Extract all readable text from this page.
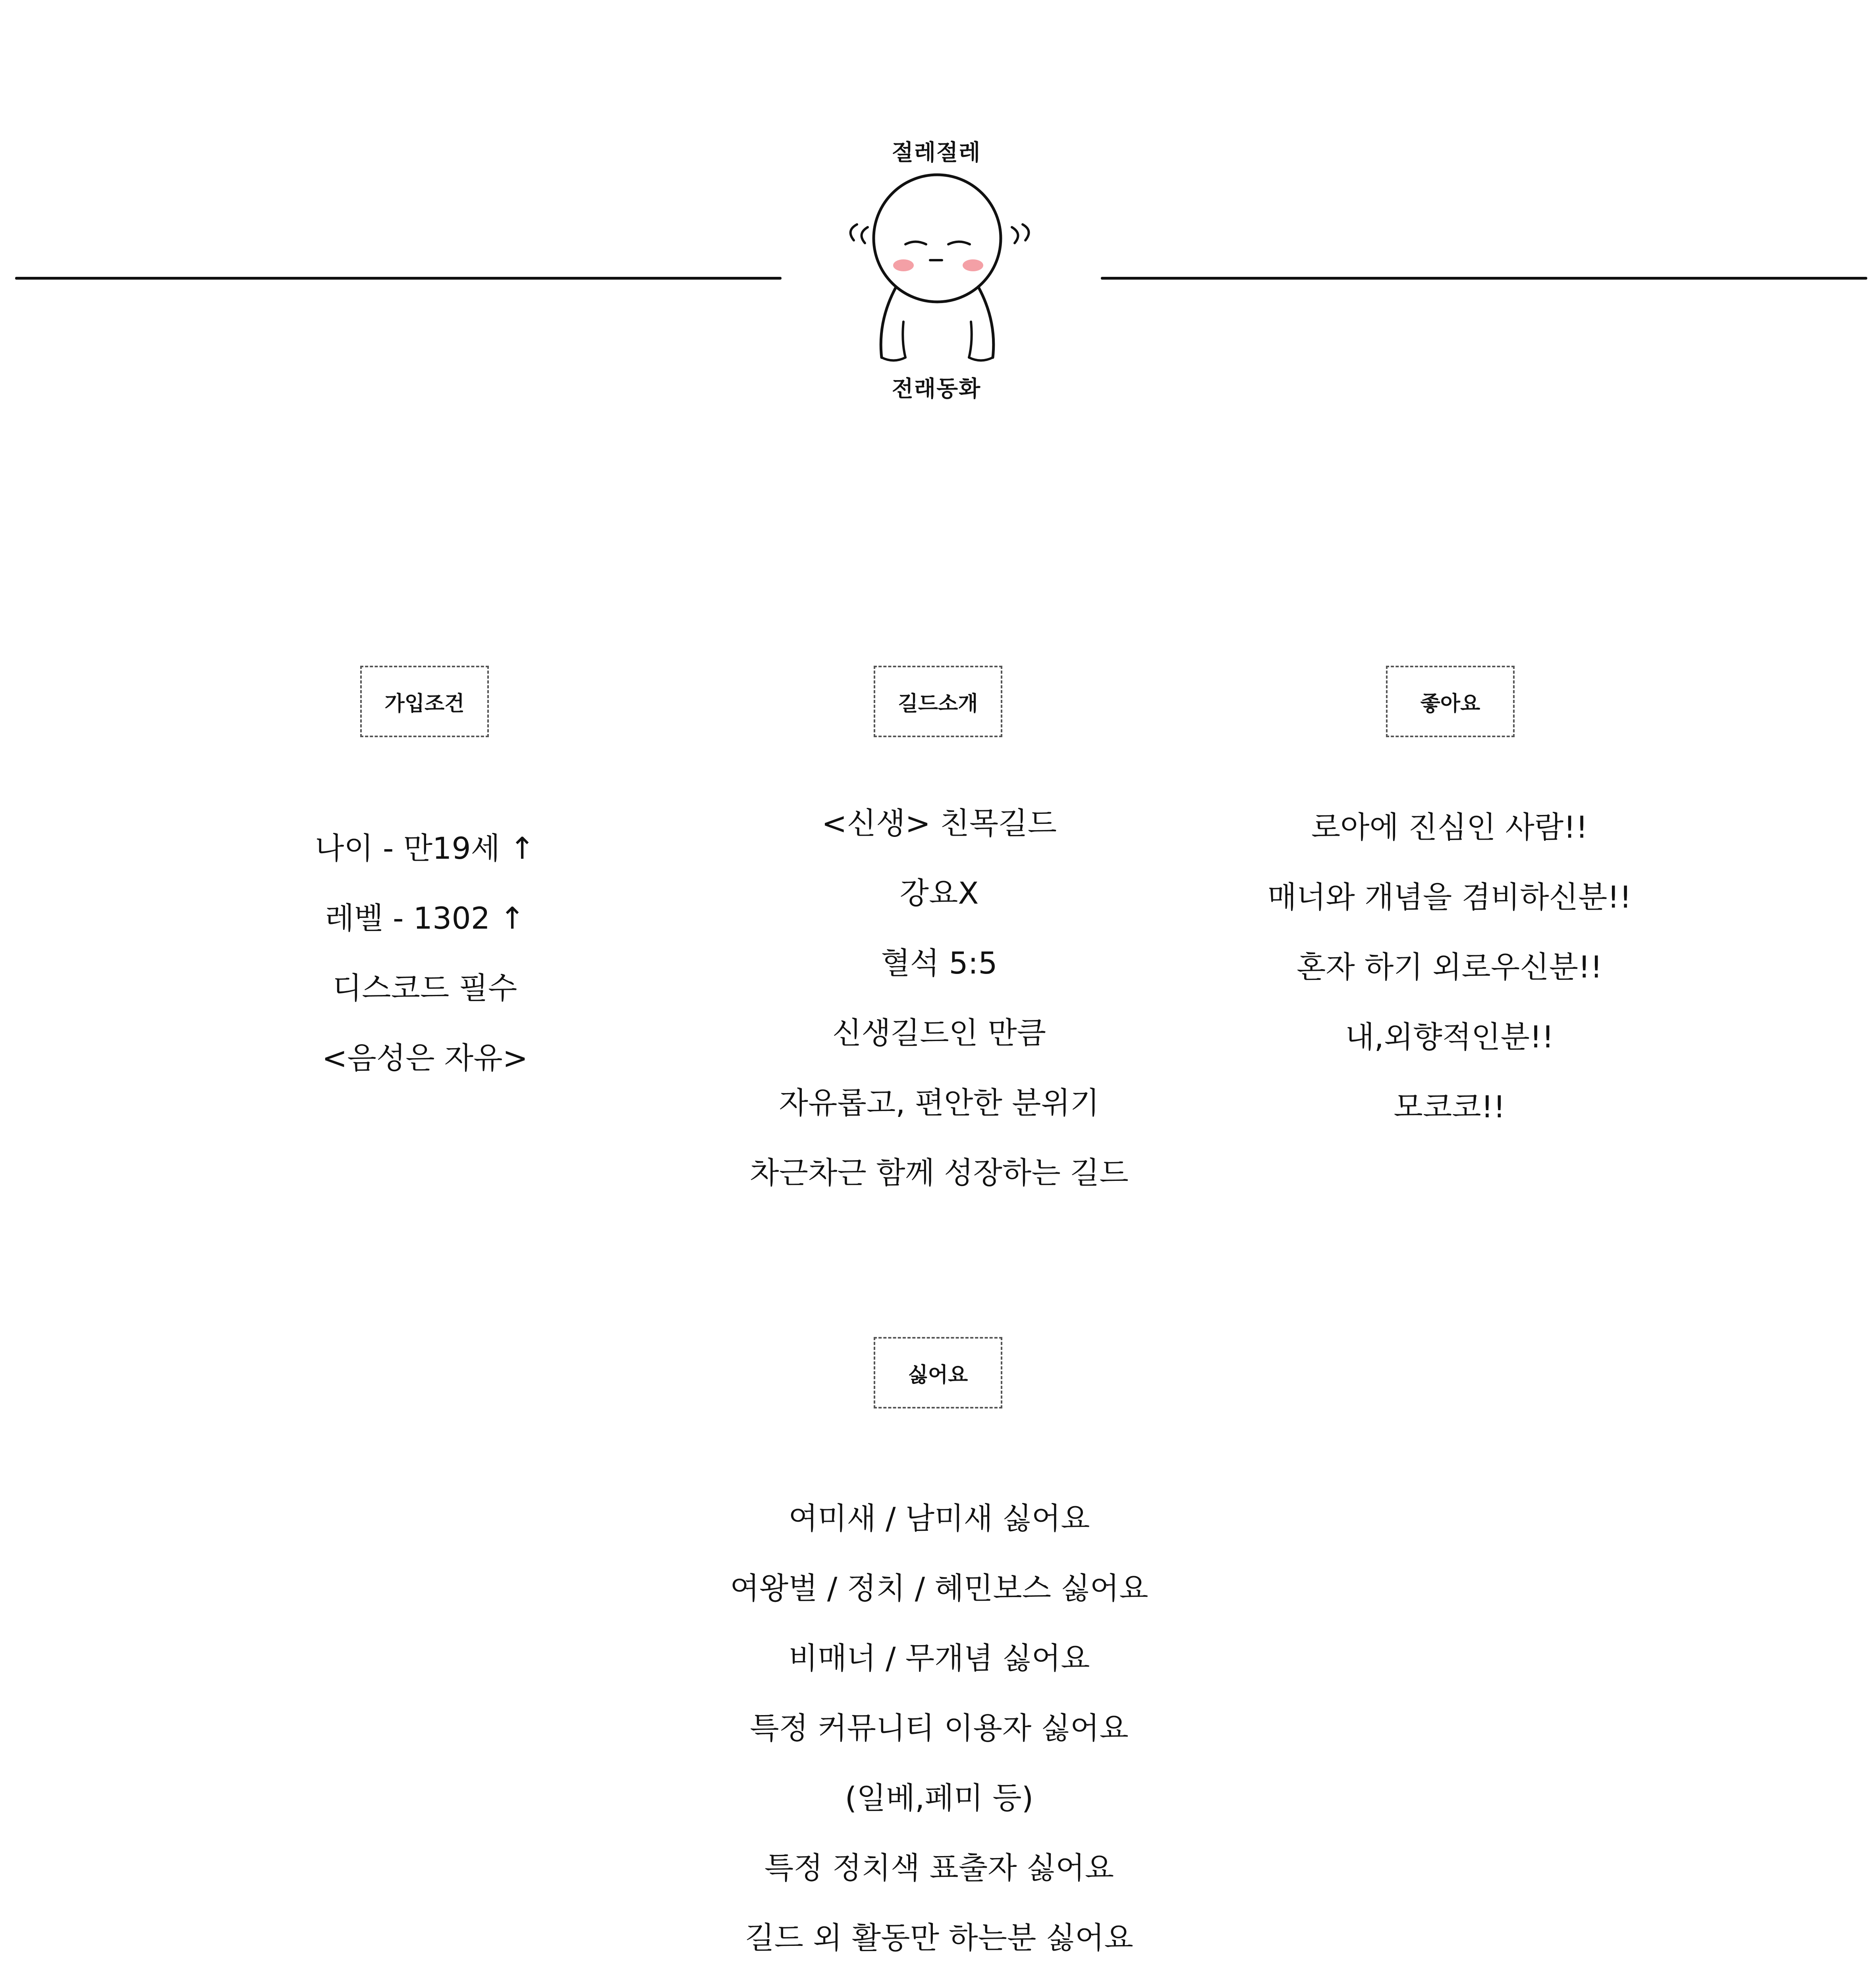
절레절레
전래동화
가입조건	길드소개	좋아요
싫어요
나이 - 만19세 ↑
레벨 - 1302 ↑
디스코드 필수
<음성은 자유>
<신생> 친목길드
강요X
혈석 5:5
신생길드인 만큼
자유롭고, 편안한 분위기
차근차근 함께 성장하는 길드
로아에 진심인 사람!!
매너와 개념을 겸비하신분!!
혼자 하기 외로우신분!!
내,외향적인분!!
모코코!!
여미새 / 남미새 싫어요
여왕벌 / 정치 / 혜민보스 싫어요
비매너 / 무개념 싫어요
특정 커뮤니티 이용자 싫어요
(일베,페미 등)
특정 정치색 표출자 싫어요
길드 외 활동만 하는분 싫어요
